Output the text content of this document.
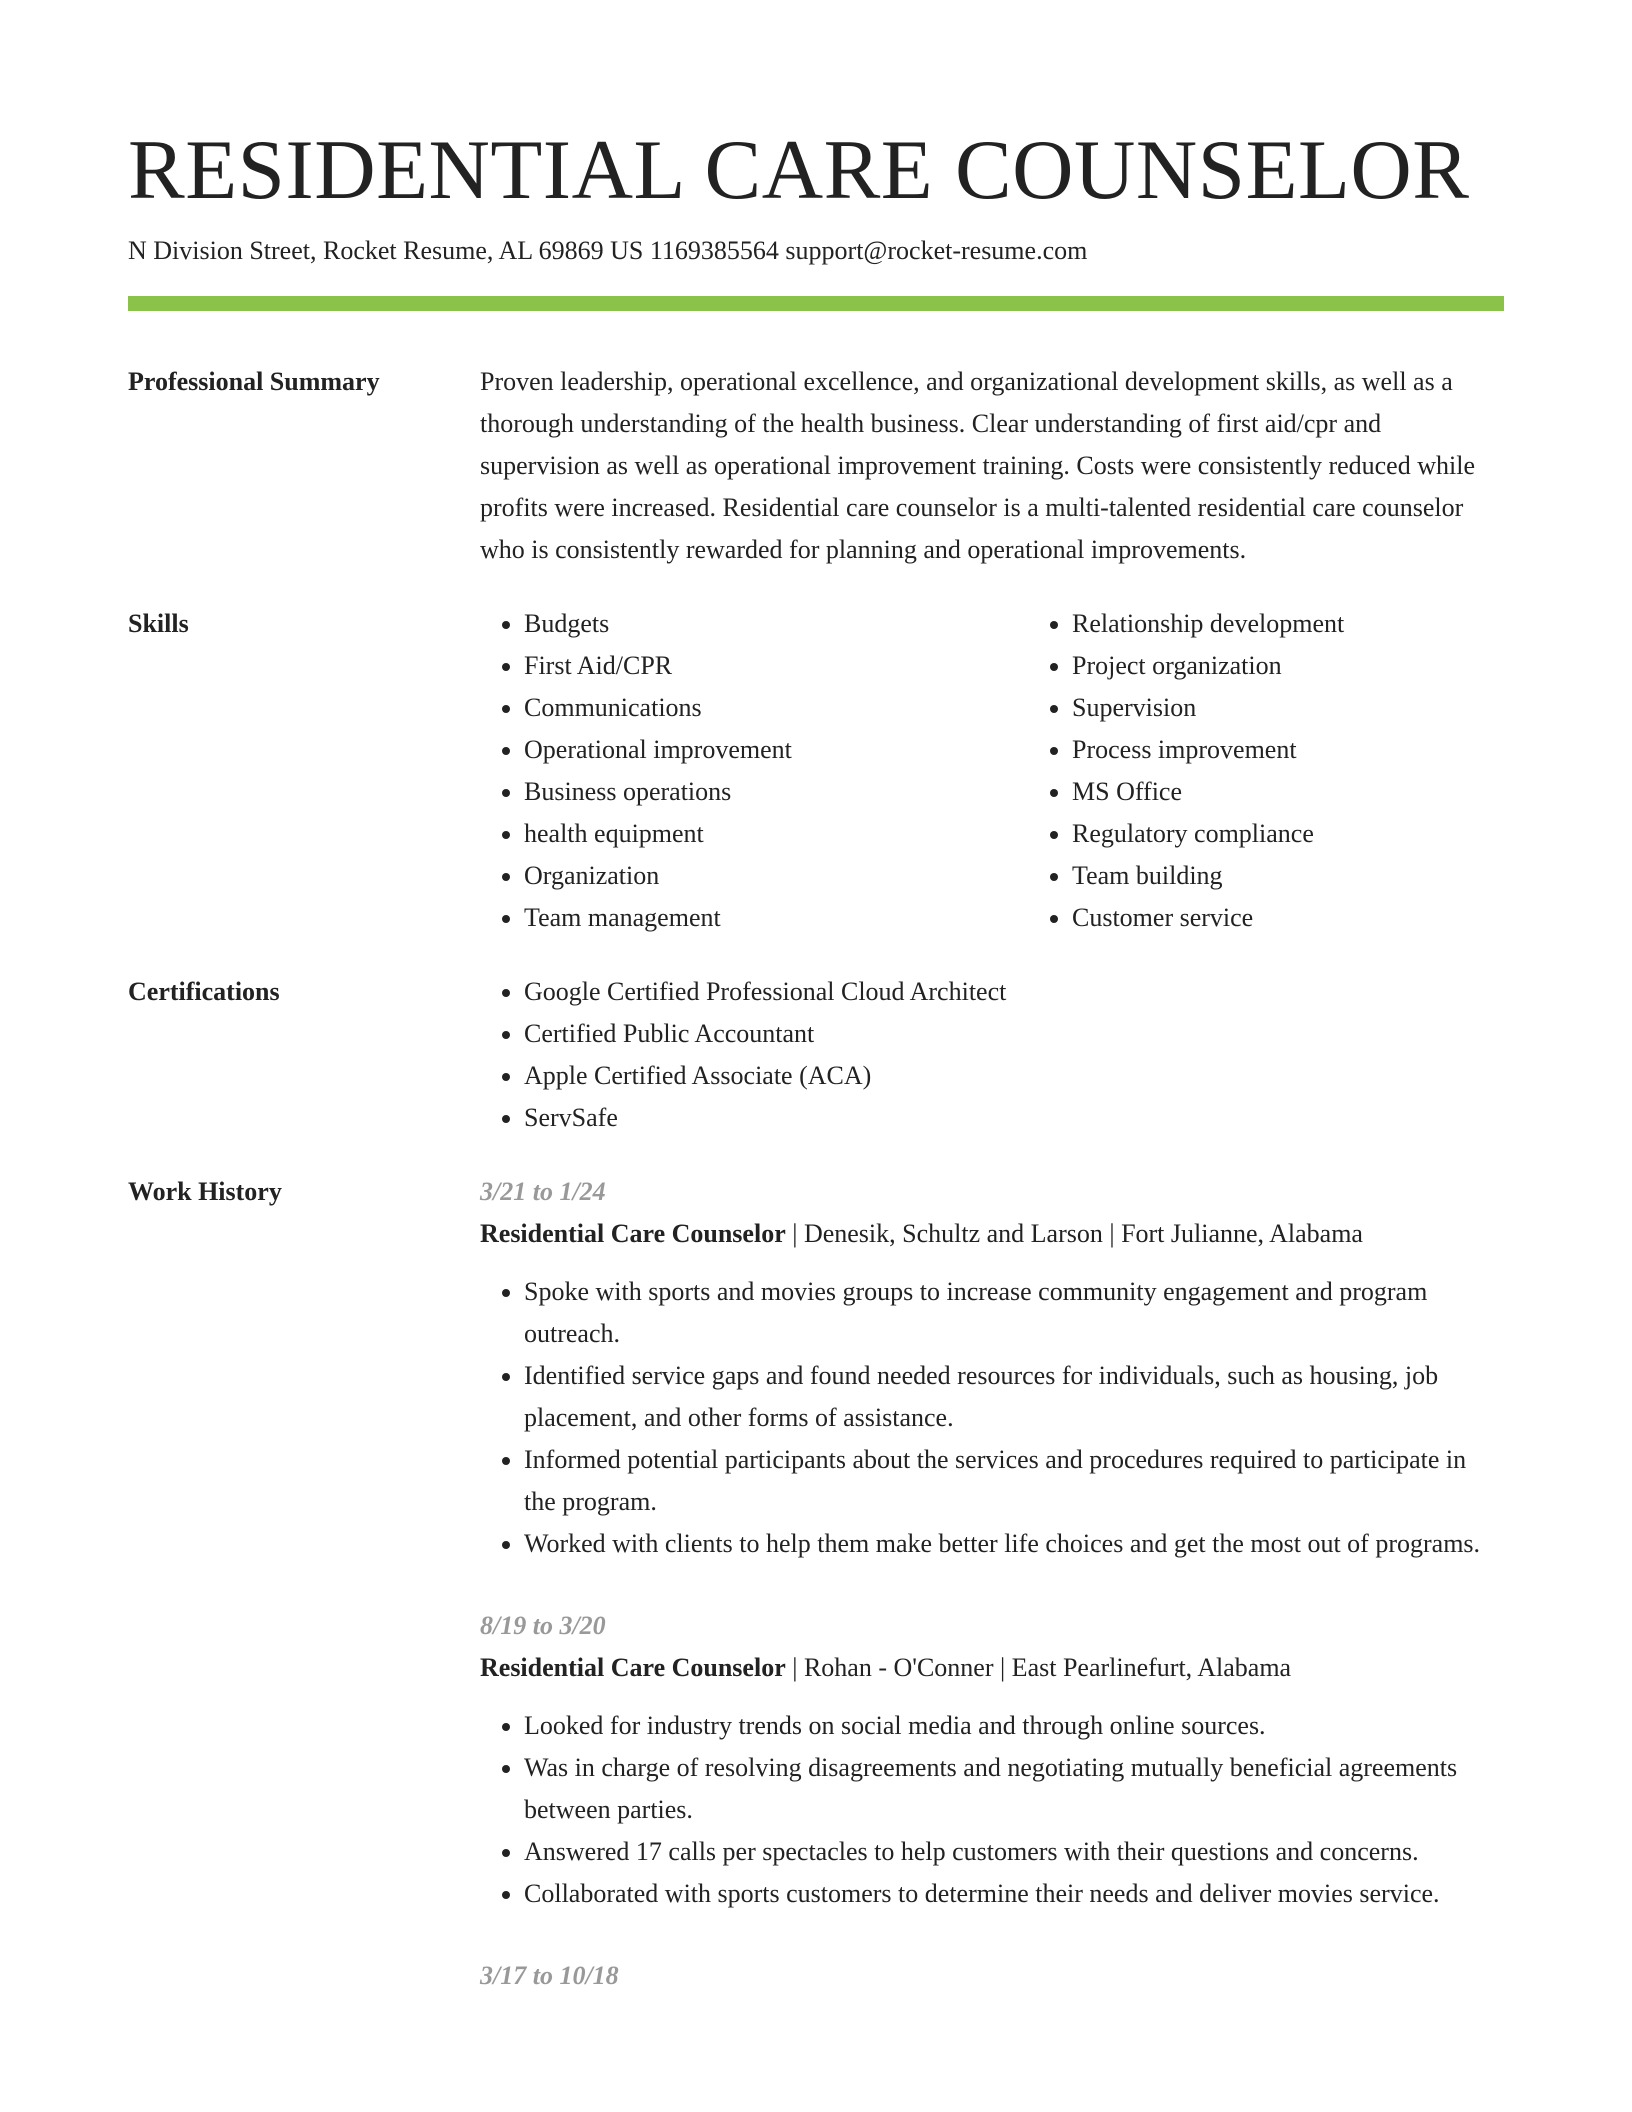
RESIDENTIAL CARE COUNSELOR
N Division Street, Rocket Resume, AL 69869 US 1169385564 support@rocket-resume.com
Professional Summary	Proven leadership, operational excellence, and organizational development skills, as well as a thorough understanding of the health business. Clear understanding of first aid/cpr and supervision as well as operational improvement training. Costs were consistently reduced while profits were increased. Residential care counselor is a multi-talented residential care counselor who is consistently rewarded for planning and operational improvements.
Skills	• Budgets
• First Aid/CPR
• Communications
• Operational improvement
• Business operations
• health equipment
• Organization
• Team management
• Relationship development
• Project organization
• Supervision
• Process improvement
• MS Office
• Regulatory compliance
• Team building
• Customer service
Certifications	• Google Certified Professional Cloud Architect
• Certified Public Accountant
• Apple Certified Associate (ACA)
• ServSafe
Work History	3/21 to 1/24
Residential Care Counselor | Denesik, Schultz and Larson | Fort Julianne, Alabama
• Spoke with sports and movies groups to increase community engagement and program outreach.
• Identified service gaps and found needed resources for individuals, such as housing, job placement, and other forms of assistance.
• Informed potential participants about the services and procedures required to participate in the program.
• Worked with clients to help them make better life choices and get the most out of programs.
8/19 to 3/20
Residential Care Counselor | Rohan - O'Conner | East Pearlinefurt, Alabama
• Looked for industry trends on social media and through online sources.
• Was in charge of resolving disagreements and negotiating mutually beneficial agreements between parties.
• Answered 17 calls per spectacles to help customers with their questions and concerns.
• Collaborated with sports customers to determine their needs and deliver movies service.
3/17 to 10/18
